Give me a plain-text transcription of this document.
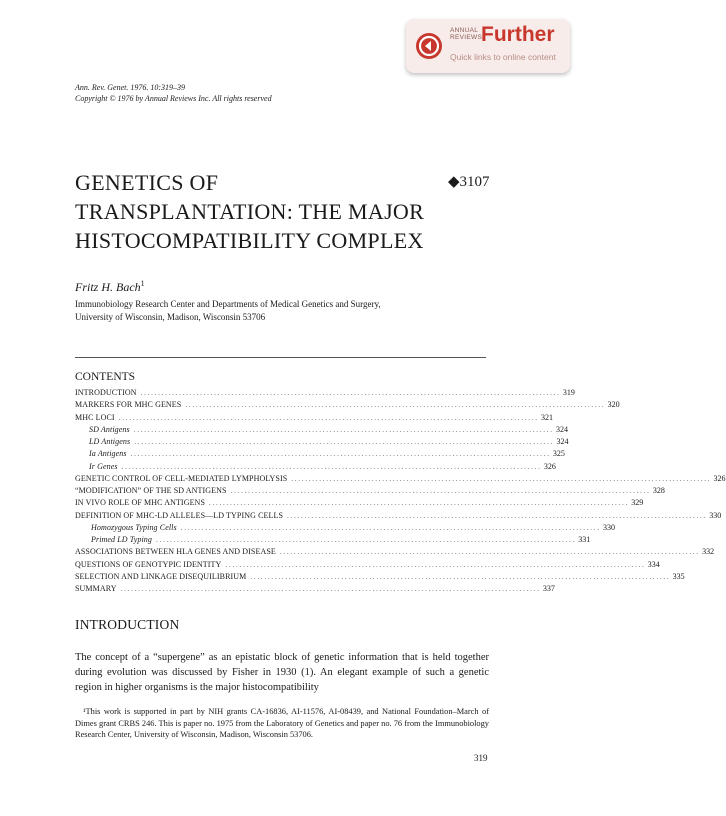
ANNUAL
REVIEWS
Further
Quick links to online content
Ann. Rev. Genet. 1976. 10:319–39
Copyright © 1976 by Annual Reviews Inc. All rights reserved
GENETICS OF
TRANSPLANTATION: THE MAJOR
HISTOCOMPATIBILITY COMPLEX
◆3107
Fritz H. Bach$^1$
Immunobiology Research Center and Departments of Medical Genetics and Surgery,
University of Wisconsin, Madison, Wisconsin 53706
CONTENTS
INTRODUCTION . . . . . . . . . . . . . . . . . . . . . . . . . . . . . . . . . . . . . . . . . . . . . . . . . . . . . . . . . . . . . . . . . . . . . . . . . . . . . . . . . . . . . . . . . . . . . . . . . . . . . . . . . . . . . . . . . . . . . . . . 319
MARKERS FOR MHC GENES . . . . . . . . . . . . . . . . . . . . . . . . . . . . . . . . . . . . . . . . . . . . . . . . . . . . . . . . . . . . . . . . . . . . . . . . . . . . . . . . . . . . . . . . . . . . . . . . . . . . . . . . . . . . . . . . . . . . . . . . 320
MHC LOCI . . . . . . . . . . . . . . . . . . . . . . . . . . . . . . . . . . . . . . . . . . . . . . . . . . . . . . . . . . . . . . . . . . . . . . . . . . . . . . . . . . . . . . . . . . . . . . . . . . . . . . . . . . . . . . . . . . . . . . . . 321
SD Antigens . . . . . . . . . . . . . . . . . . . . . . . . . . . . . . . . . . . . . . . . . . . . . . . . . . . . . . . . . . . . . . . . . . . . . . . . . . . . . . . . . . . . . . . . . . . . . . . . . . . . . . . . . . . . . . . . . . . . . . . . 324
LD Antigens . . . . . . . . . . . . . . . . . . . . . . . . . . . . . . . . . . . . . . . . . . . . . . . . . . . . . . . . . . . . . . . . . . . . . . . . . . . . . . . . . . . . . . . . . . . . . . . . . . . . . . . . . . . . . . . . . . . . . . . . 324
Ia Antigens . . . . . . . . . . . . . . . . . . . . . . . . . . . . . . . . . . . . . . . . . . . . . . . . . . . . . . . . . . . . . . . . . . . . . . . . . . . . . . . . . . . . . . . . . . . . . . . . . . . . . . . . . . . . . . . . . . . . . . . . 325
Ir Genes . . . . . . . . . . . . . . . . . . . . . . . . . . . . . . . . . . . . . . . . . . . . . . . . . . . . . . . . . . . . . . . . . . . . . . . . . . . . . . . . . . . . . . . . . . . . . . . . . . . . . . . . . . . . . . . . . . . . . . . . 326
GENETIC CONTROL OF CELL-MEDIATED LYMPHOLYSIS . . . . . . . . . . . . . . . . . . . . . . . . . . . . . . . . . . . . . . . . . . . . . . . . . . . . . . . . . . . . . . . . . . . . . . . . . . . . . . . . . . . . . . . . . . . . . . . . . . . . . . . . . . . . . . . . . . . . . . . . 326
“MODIFICATION” OF THE SD ANTIGENS . . . . . . . . . . . . . . . . . . . . . . . . . . . . . . . . . . . . . . . . . . . . . . . . . . . . . . . . . . . . . . . . . . . . . . . . . . . . . . . . . . . . . . . . . . . . . . . . . . . . . . . . . . . . . . . . . . . . . . . . 328
IN VIVO ROLE OF MHC ANTIGENS . . . . . . . . . . . . . . . . . . . . . . . . . . . . . . . . . . . . . . . . . . . . . . . . . . . . . . . . . . . . . . . . . . . . . . . . . . . . . . . . . . . . . . . . . . . . . . . . . . . . . . . . . . . . . . . . . . . . . . . . 329
DEFINITION OF MHC-LD ALLELES—LD TYPING CELLS . . . . . . . . . . . . . . . . . . . . . . . . . . . . . . . . . . . . . . . . . . . . . . . . . . . . . . . . . . . . . . . . . . . . . . . . . . . . . . . . . . . . . . . . . . . . . . . . . . . . . . . . . . . . . . . . . . . . . . . . 330
Homozygous Typing Cells . . . . . . . . . . . . . . . . . . . . . . . . . . . . . . . . . . . . . . . . . . . . . . . . . . . . . . . . . . . . . . . . . . . . . . . . . . . . . . . . . . . . . . . . . . . . . . . . . . . . . . . . . . . . . . . . . . . . . . . . 330
Primed LD Typing . . . . . . . . . . . . . . . . . . . . . . . . . . . . . . . . . . . . . . . . . . . . . . . . . . . . . . . . . . . . . . . . . . . . . . . . . . . . . . . . . . . . . . . . . . . . . . . . . . . . . . . . . . . . . . . . . . . . . . . . 331
ASSOCIATIONS BETWEEN HLA GENES AND DISEASE . . . . . . . . . . . . . . . . . . . . . . . . . . . . . . . . . . . . . . . . . . . . . . . . . . . . . . . . . . . . . . . . . . . . . . . . . . . . . . . . . . . . . . . . . . . . . . . . . . . . . . . . . . . . . . . . . . . . . . . . 332
QUESTIONS OF GENOTYPIC IDENTITY . . . . . . . . . . . . . . . . . . . . . . . . . . . . . . . . . . . . . . . . . . . . . . . . . . . . . . . . . . . . . . . . . . . . . . . . . . . . . . . . . . . . . . . . . . . . . . . . . . . . . . . . . . . . . . . . . . . . . . . . 334
SELECTION AND LINKAGE DISEQUILIBRIUM . . . . . . . . . . . . . . . . . . . . . . . . . . . . . . . . . . . . . . . . . . . . . . . . . . . . . . . . . . . . . . . . . . . . . . . . . . . . . . . . . . . . . . . . . . . . . . . . . . . . . . . . . . . . . . . . . . . . . . . . 335
SUMMARY . . . . . . . . . . . . . . . . . . . . . . . . . . . . . . . . . . . . . . . . . . . . . . . . . . . . . . . . . . . . . . . . . . . . . . . . . . . . . . . . . . . . . . . . . . . . . . . . . . . . . . . . . . . . . . . . . . . . . . . . 337
INTRODUCTION
The concept of a “supergene” as an epistatic block of genetic information that is held together during evolution was discussed by Fisher in 1930 (1). An elegant example of such a genetic region in higher organisms is the major histocompatibility
¹This work is supported in part by NIH grants CA-16836, AI-11576, AI-08439, and National Foundation–March of Dimes grant CRBS 246. This is paper no. 1975 from the Laboratory of Genetics and paper no. 76 from the Immunobiology Research Center, University of Wisconsin, Madison, Wisconsin 53706.
319
